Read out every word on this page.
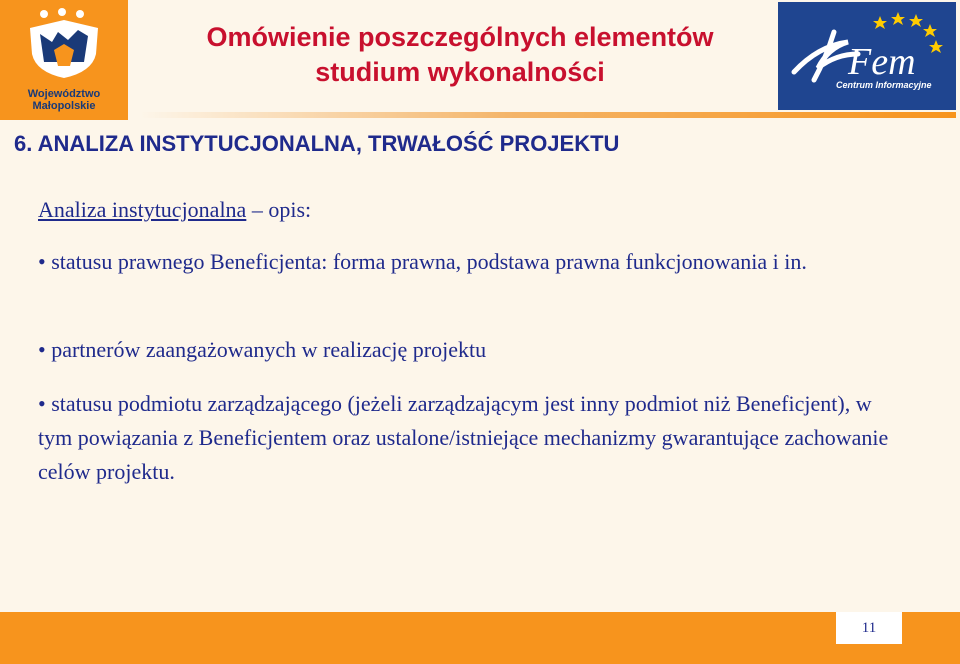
Województwo
Małopolskie
Omówienie poszczególnych elementów
studium wykonalności	Fem
Centrum Informacyjne
6. ANALIZA INSTYTUCJONALNA, TRWAŁOŚĆ PROJEKTU
Analiza instytucjonalna – opis:
• statusu prawnego Beneficjenta: forma prawna, podstawa prawna funkcjonowania i in.
• partnerów zaangażowanych w realizację projektu
• statusu podmiotu zarządzającego (jeżeli zarządzającym jest inny podmiot niż Beneficjent), w tym powiązania z Beneficjentem oraz ustalone/istniejące mechanizmy gwarantujące zachowanie celów projektu.
11
